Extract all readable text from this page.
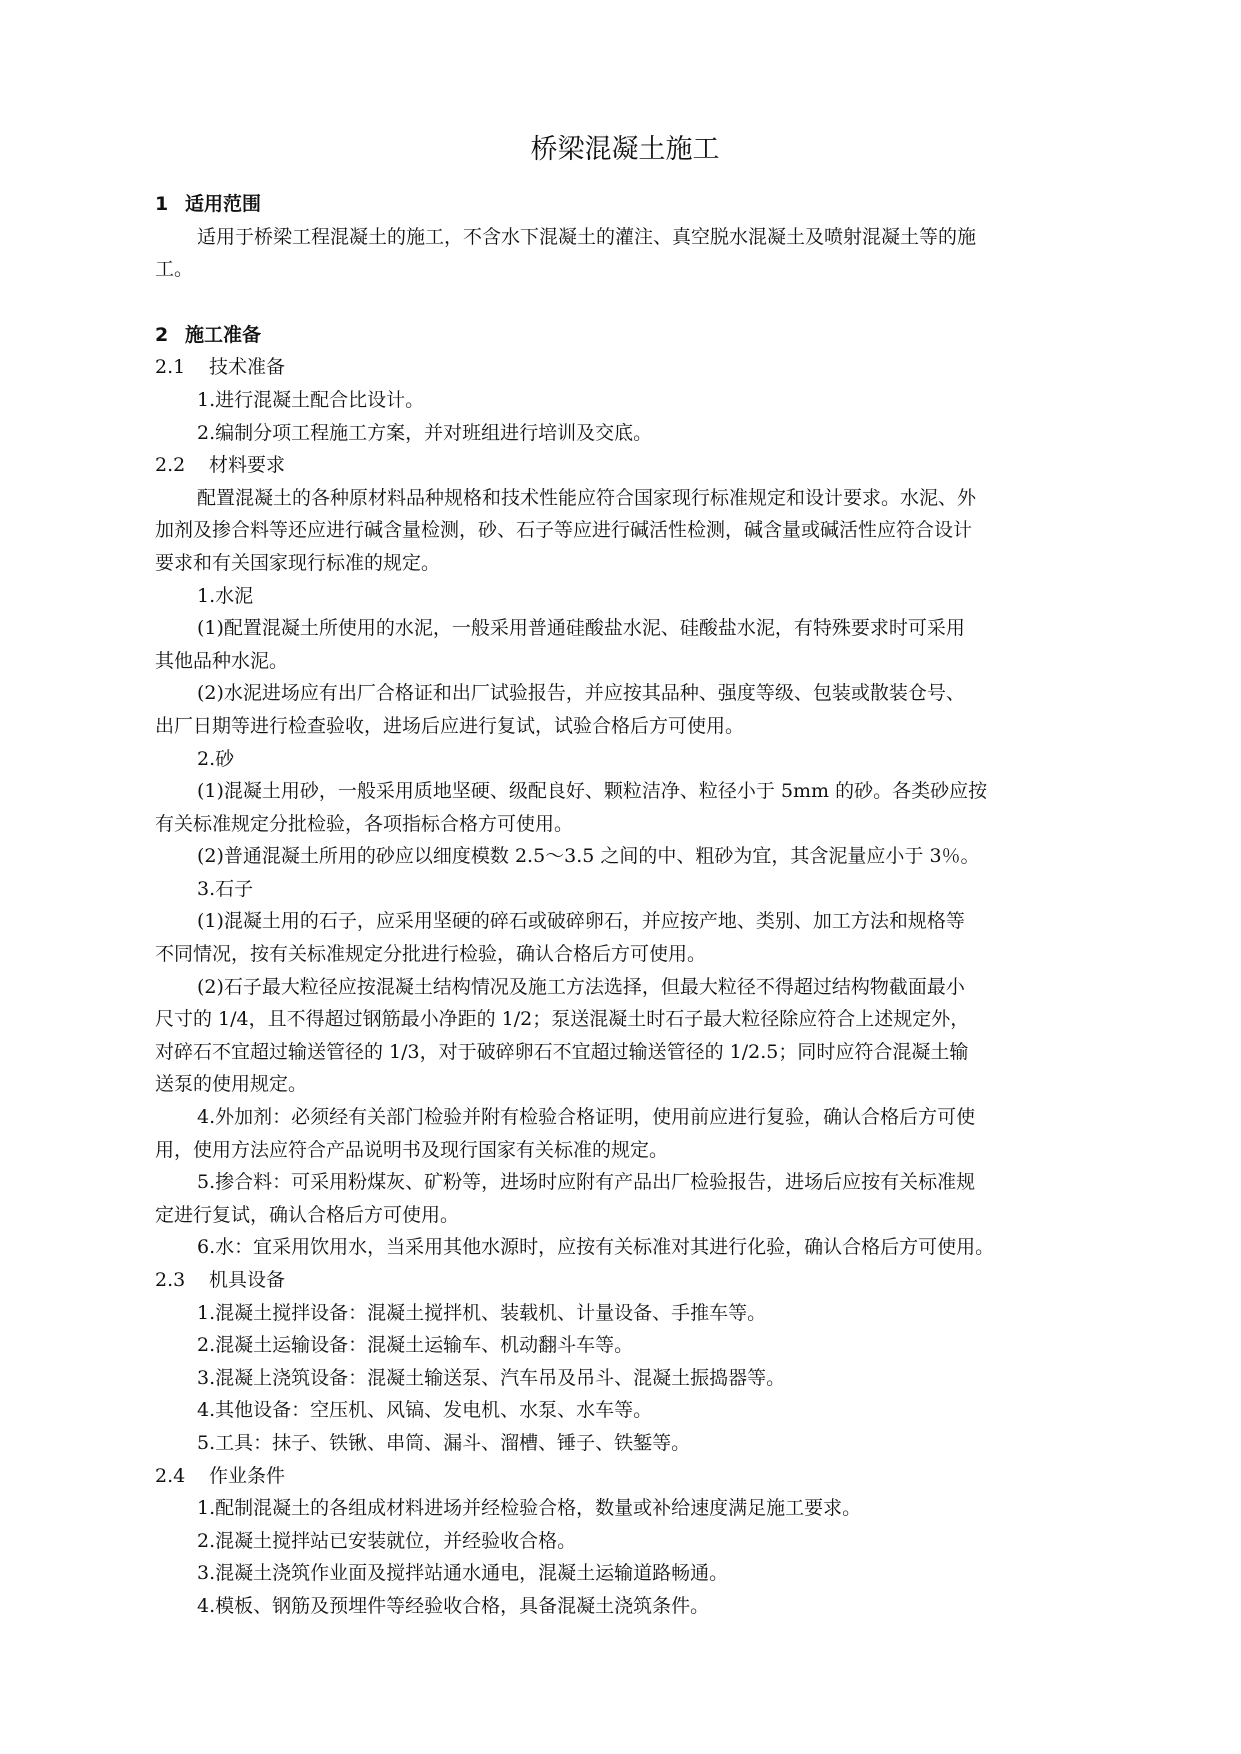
桥梁混凝土施工
1 适用范围
适用于桥梁工程混凝土的施工，不含水下混凝土的灌注、真空脱水混凝土及喷射混凝土等的施
工。
2 施工准备
2.1 技术准备
1.进行混凝土配合比设计。
2.编制分项工程施工方案，并对班组进行培训及交底。
2.2 材料要求
配置混凝土的各种原材料品种规格和技术性能应符合国家现行标准规定和设计要求。水泥、外
加剂及掺合料等还应进行碱含量检测，砂、石子等应进行碱活性检测，碱含量或碱活性应符合设计
要求和有关国家现行标准的规定。
1.水泥
(1)配置混凝土所使用的水泥，一般采用普通硅酸盐水泥、硅酸盐水泥，有特殊要求时可采用
其他品种水泥。
(2)水泥进场应有出厂合格证和出厂试验报告，并应按其品种、强度等级、包装或散装仓号、
出厂日期等进行检查验收，进场后应进行复试，试验合格后方可使用。
2.砂
(1)混凝土用砂，一般采用质地坚硬、级配良好、颗粒洁净、粒径小于 5mm 的砂。各类砂应按
有关标准规定分批检验，各项指标合格方可使用。
(2)普通混凝土所用的砂应以细度模数 2.5～3.5 之间的中、粗砂为宜，其含泥量应小于 3％。
3.石子
(1)混凝土用的石子，应采用坚硬的碎石或破碎卵石，并应按产地、类别、加工方法和规格等
不同情况，按有关标准规定分批进行检验，确认合格后方可使用。
(2)石子最大粒径应按混凝土结构情况及施工方法选择，但最大粒径不得超过结构物截面最小
尺寸的 1/4，且不得超过钢筋最小净距的 1/2；泵送混凝土时石子最大粒径除应符合上述规定外，
对碎石不宜超过输送管径的 1/3，对于破碎卵石不宜超过输送管径的 1/2.5；同时应符合混凝土输
送泵的使用规定。
4.外加剂：必须经有关部门检验并附有检验合格证明，使用前应进行复验，确认合格后方可使
用，使用方法应符合产品说明书及现行国家有关标准的规定。
5.掺合料：可采用粉煤灰、矿粉等，进场时应附有产品出厂检验报告，进场后应按有关标准规
定进行复试，确认合格后方可使用。
6.水：宜采用饮用水，当采用其他水源时，应按有关标准对其进行化验，确认合格后方可使用。
2.3 机具设备
1.混凝土搅拌设备：混凝土搅拌机、装载机、计量设备、手推车等。
2.混凝土运输设备：混凝土运输车、机动翻斗车等。
3.混凝上浇筑设备：混凝土输送泵、汽车吊及吊斗、混凝土振捣器等。
4.其他设备：空压机、风镐、发电机、水泵、水车等。
5.工具：抹子、铁锹、串筒、漏斗、溜槽、锤子、铁錾等。
2.4 作业条件
1.配制混凝土的各组成材料进场并经检验合格，数量或补给速度满足施工要求。
2.混凝土搅拌站已安装就位，并经验收合格。
3.混凝土浇筑作业面及搅拌站通水通电，混凝土运输道路畅通。
4.模板、钢筋及预埋件等经验收合格，具备混凝土浇筑条件。
